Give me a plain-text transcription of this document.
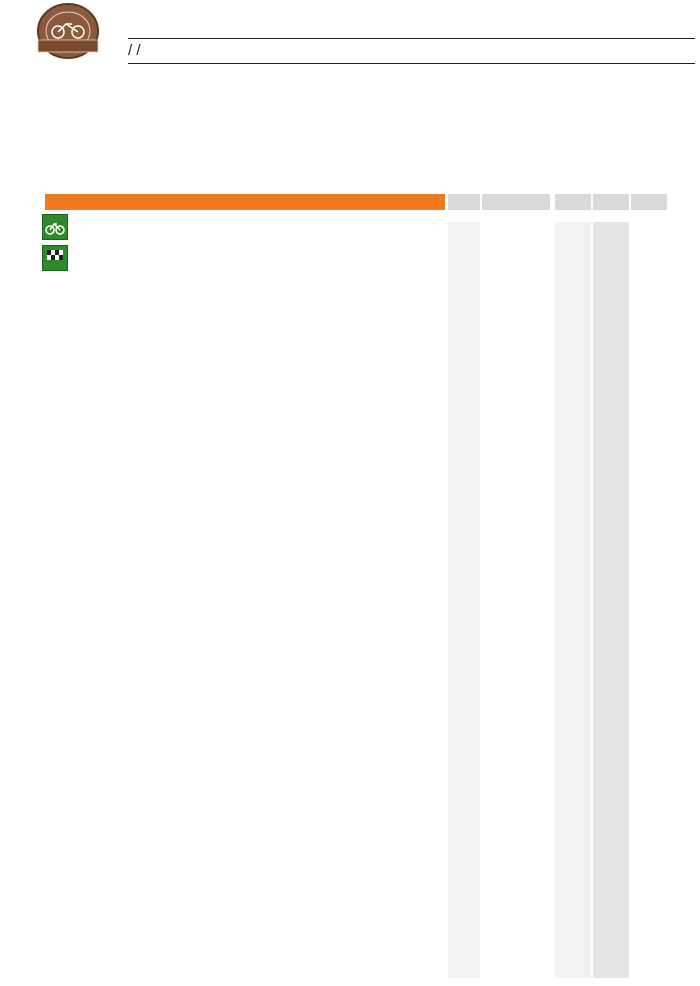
/ /
